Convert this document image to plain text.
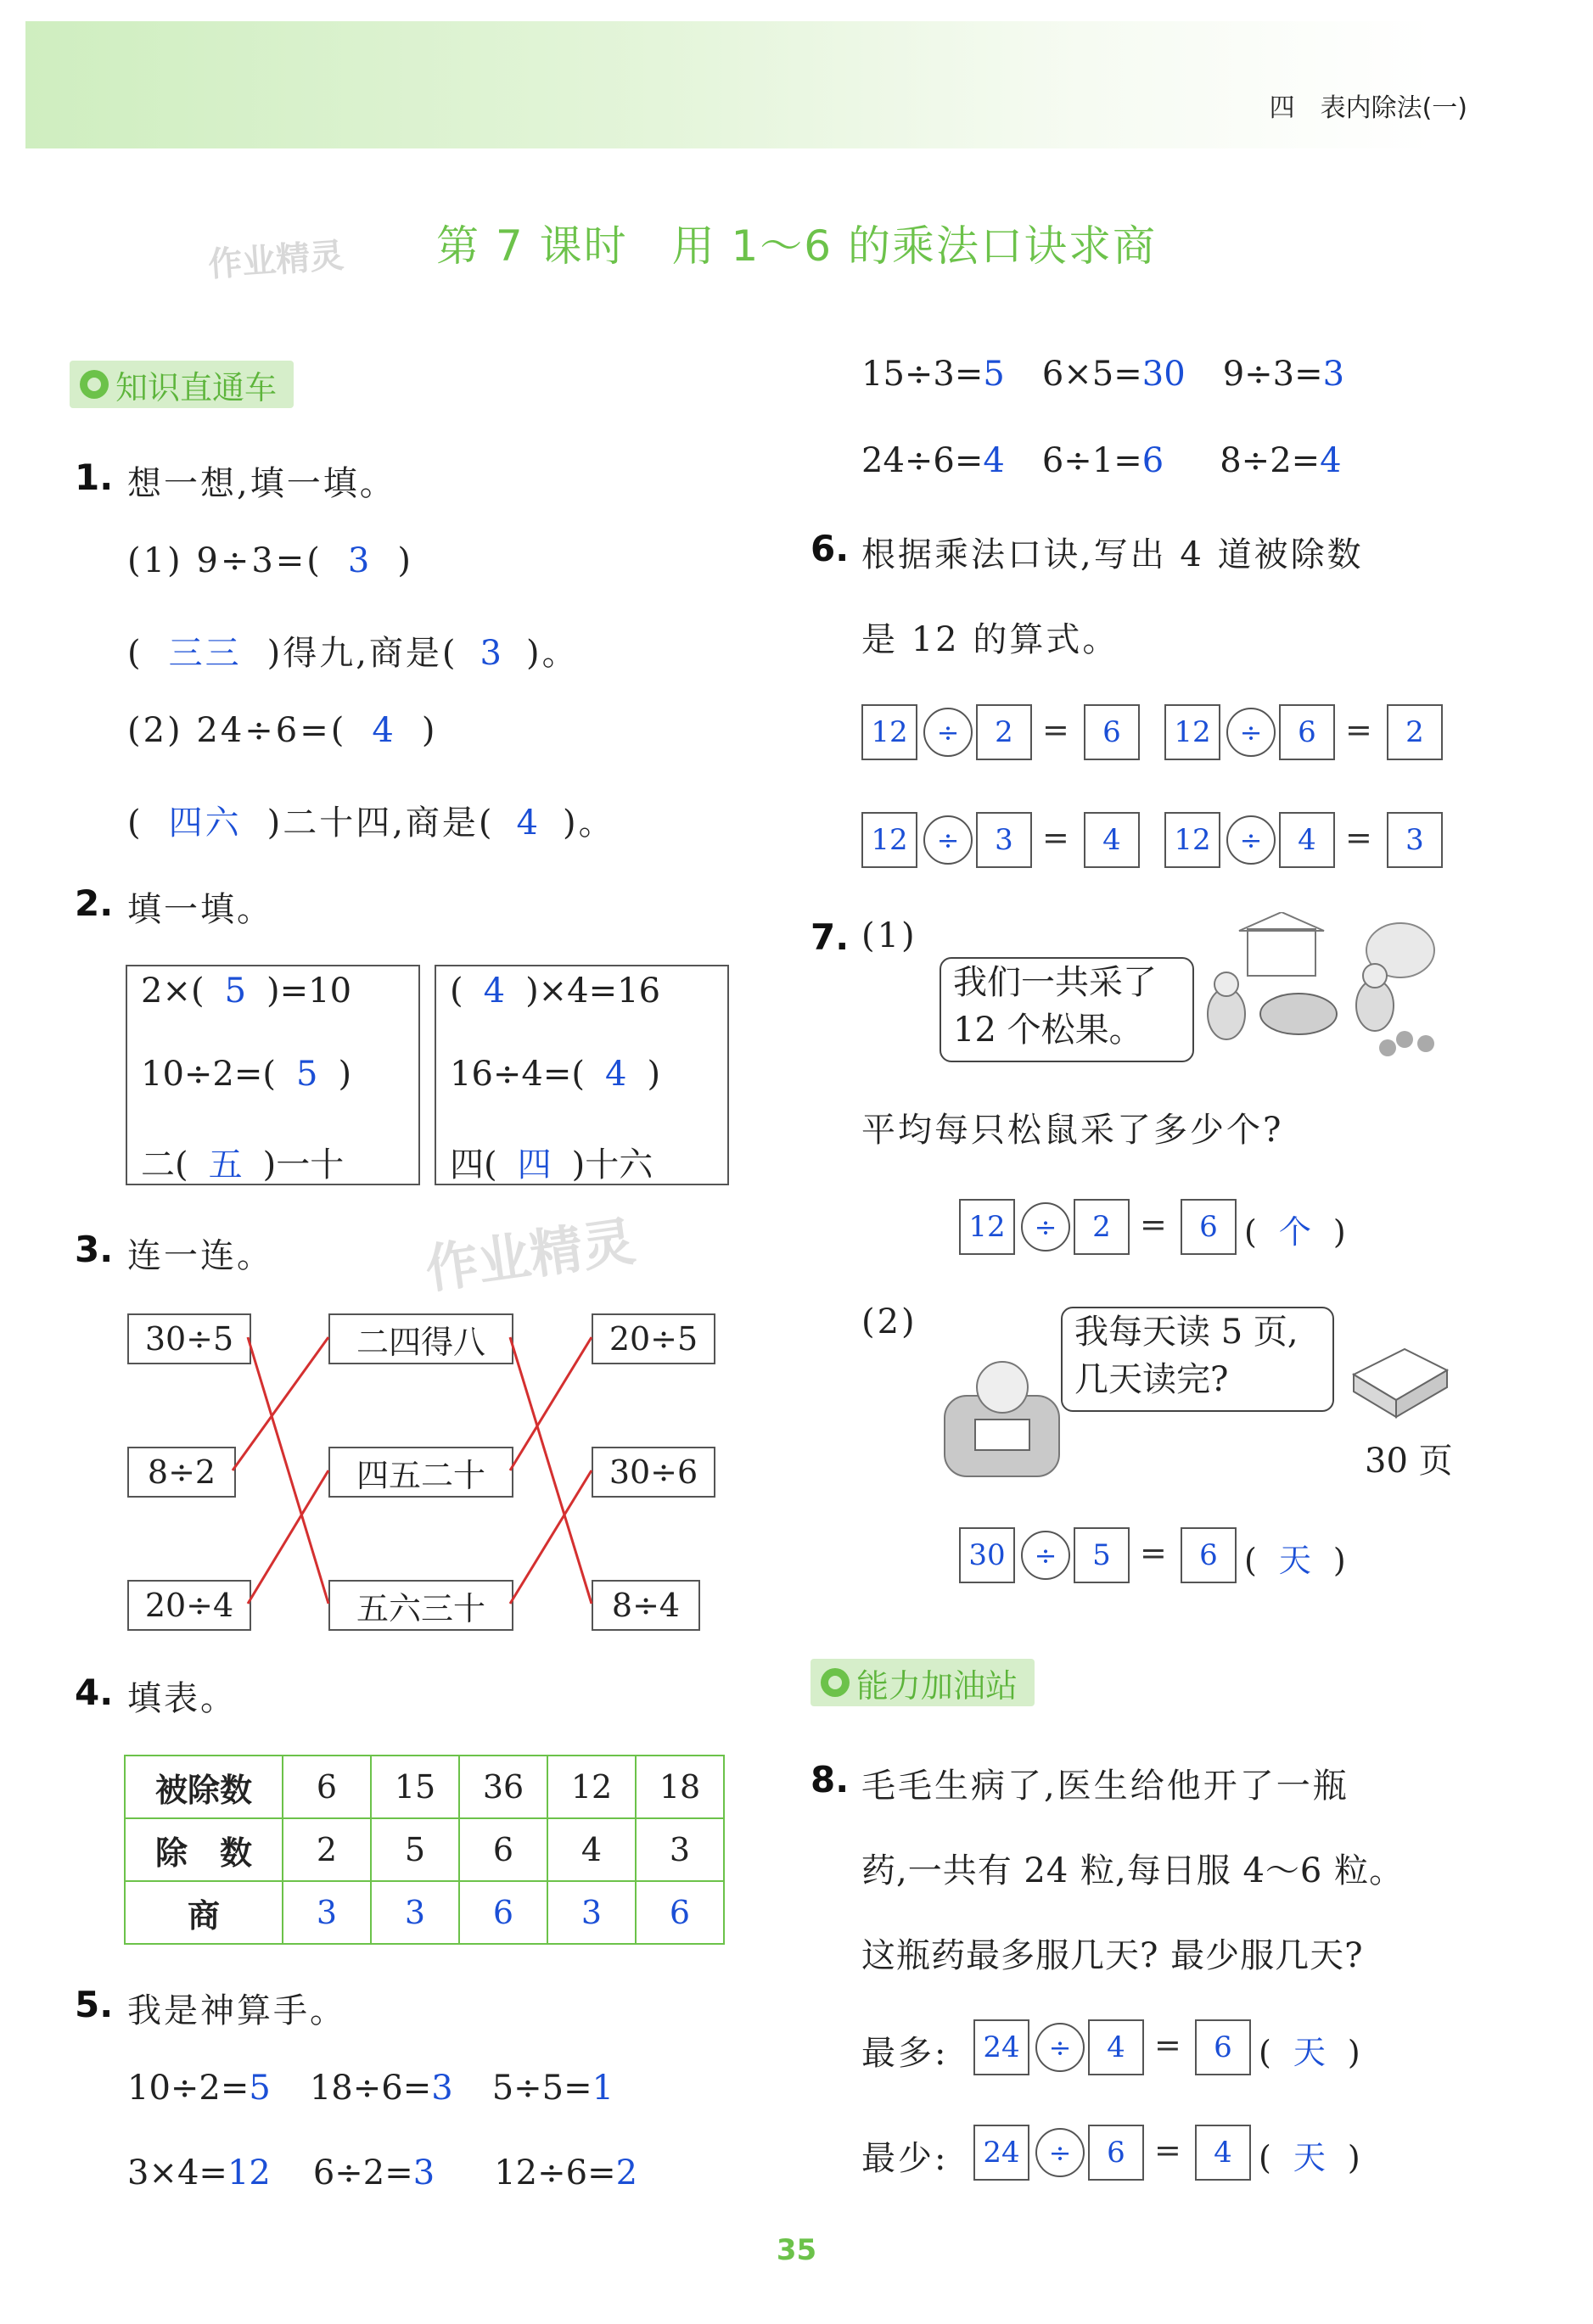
四　表内除法(一)
作业精灵	第 7 课时　用 1～6 的乘法口诀求商
知识直通车
1. 想一想,填一填。
(1) 9÷3=( 3 )
( 三三 )得九,商是( 3 )。
(2) 24÷6=( 4 )
( 四六 )二十四,商是( 4 )。
2. 填一填。
2×( 5 )=10
10÷2=( 5 )
二( 五 )一十
( 4 )×4=16
16÷4=( 4 )
四( 四 )十六
3. 连一连。	作业精灵
30÷5
8÷2
20÷4
二四得八
四五二十
五六三十
20÷5
30÷6
8÷4
4. 填表。
被除数	6	15	36	12	18
除　数	2	5	6	4	3
商	3	3	6	3	6
5. 我是神算手。
10÷2=5 18÷6=3 5÷5=1
3×4=12 6÷2=3 12÷6=2
15÷3=5 6×5=30 9÷3=3
24÷6=4 6÷1=6 8÷2=4
6. 根据乘法口诀,写出 4 道被除数
是 12 的算式。
12	÷	2 =	6	12	÷	6 =	2
12	÷	3 =	4	12	÷	4 =	3
7. (1)
我们一共采了
12 个松果。
平均每只松鼠采了多少个?
12	÷	2 =	6 ( 个 )
(2)	我每天读 5 页,
几天读完?
30 页
30	÷	5 =	6 ( 天 )
能力加油站
8. 毛毛生病了,医生给他开了一瓶
药,一共有 24 粒,每日服 4～6 粒。
这瓶药最多服几天? 最少服几天?
最多:	24	÷	4 =	6 ( 天 )
最少:	24	÷	6 =	4 ( 天 )
35
